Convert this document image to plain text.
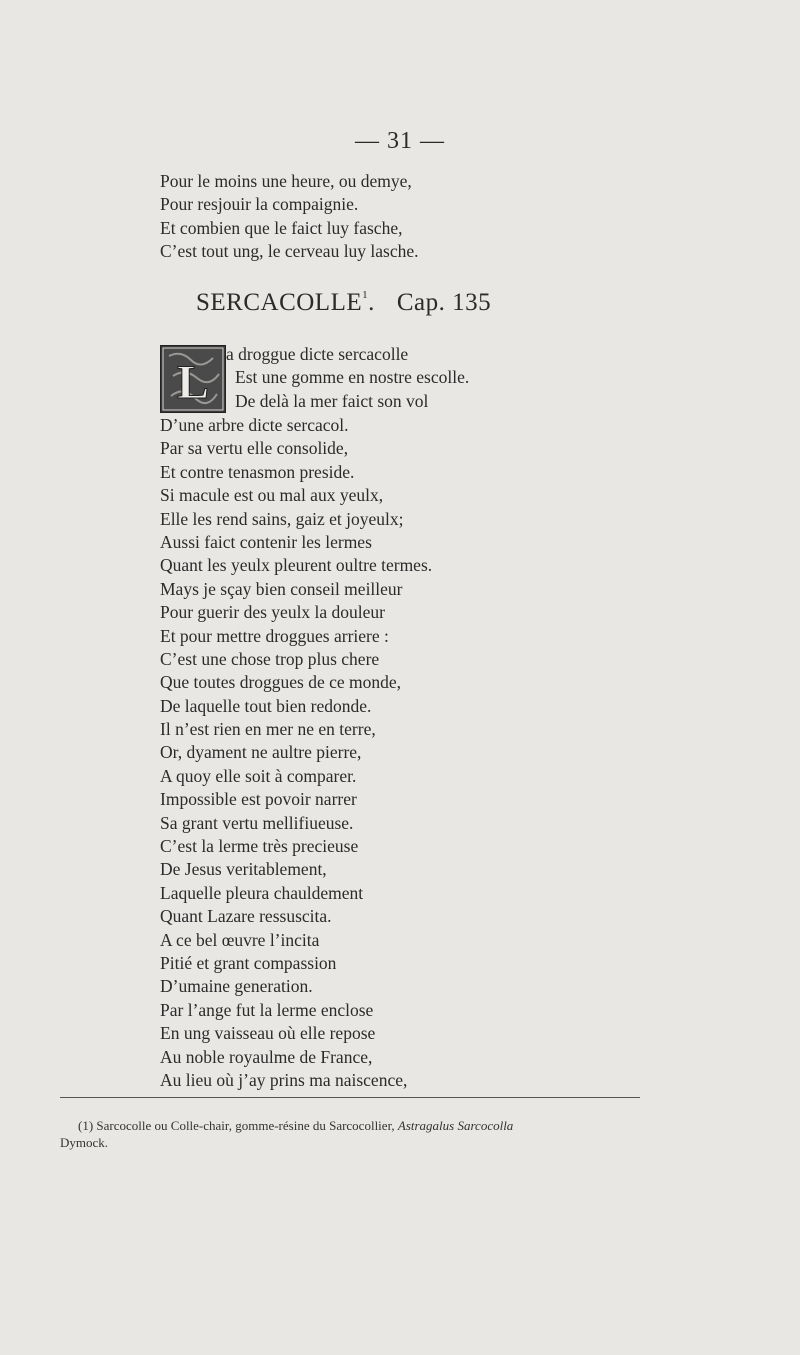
— 31 —
Pour le moins une heure, ou demye,
Pour resjouir la compaignie.
Et combien que le faict luy fasche,
C’est tout ung, le cerveau luy lasche.
SERCACOLLE$^1$. Cap. 135
L
a droggue dicte sercacolle
Est une gomme en nostre escolle.
De delà la mer faict son vol
D’une arbre dicte sercacol.
Par sa vertu elle consolide,
Et contre tenasmon preside.
Si macule est ou mal aux yeulx,
Elle les rend sains, gaiz et joyeulx;
Aussi faict contenir les lermes
Quant les yeulx pleurent oultre termes.
Mays je sçay bien conseil meilleur
Pour guerir des yeulx la douleur
Et pour mettre droggues arriere :
C’est une chose trop plus chere
Que toutes droggues de ce monde,
De laquelle tout bien redonde.
Il n’est rien en mer ne en terre,
Or, dyament ne aultre pierre,
A quoy elle soit à comparer.
Impossible est povoir narrer
Sa grant vertu mellifiueuse.
C’est la lerme très precieuse
De Jesus veritablement,
Laquelle pleura chauldement
Quant Lazare ressuscita.
A ce bel œuvre l’incita
Pitié et grant compassion
D’umaine generation.
Par l’ange fut la lerme enclose
En ung vaisseau où elle repose
Au noble royaulme de France,
Au lieu où j’ay prins ma naiscence,
(1) Sarcocolle ou Colle-chair, gomme-résine du Sarcocollier, Astragalus Sarcocolla
Dymock.
